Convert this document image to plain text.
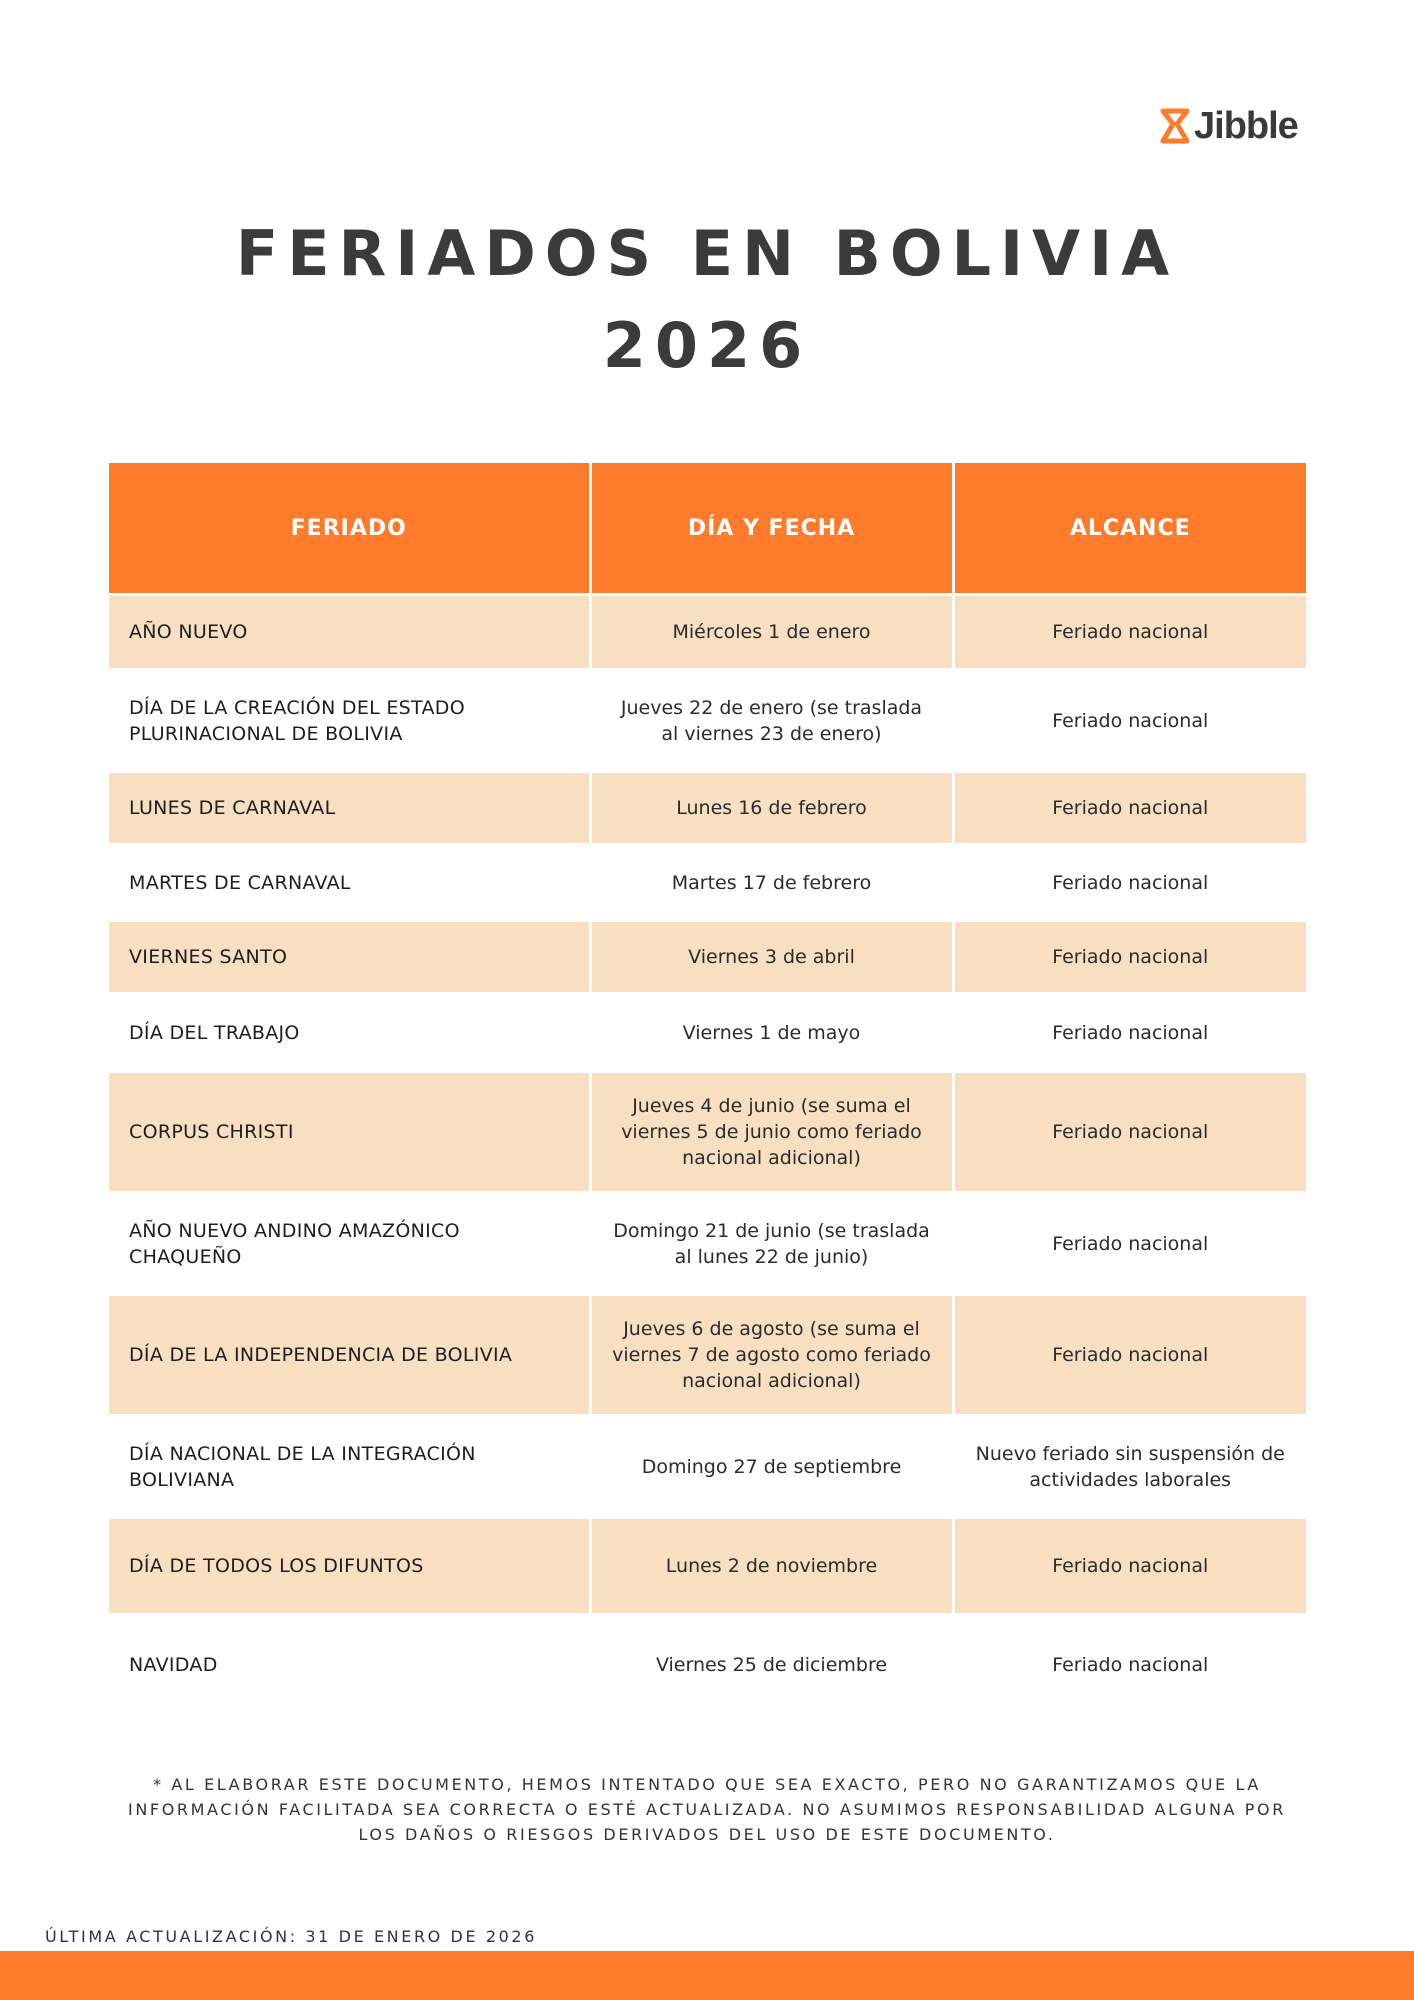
Jibble
FERIADOS EN BOLIVIA
2026
FERIADO	DÍA Y FECHA	ALCANCE
AÑO NUEVO	Miércoles 1 de enero	Feriado nacional
DÍA DE LA CREACIÓN DEL ESTADO PLURINACIONAL DE BOLIVIA	Jueves 22 de enero (se traslada al viernes 23 de enero)	Feriado nacional
LUNES DE CARNAVAL	Lunes 16 de febrero	Feriado nacional
MARTES DE CARNAVAL	Martes 17 de febrero	Feriado nacional
VIERNES SANTO	Viernes 3 de abril	Feriado nacional
DÍA DEL TRABAJO	Viernes 1 de mayo	Feriado nacional
CORPUS CHRISTI	Jueves 4 de junio (se suma el viernes 5 de junio como feriado nacional adicional)	Feriado nacional
AÑO NUEVO ANDINO AMAZÓNICO CHAQUEÑO	Domingo 21 de junio (se traslada al lunes 22 de junio)	Feriado nacional
DÍA DE LA INDEPENDENCIA DE BOLIVIA	Jueves 6 de agosto (se suma el viernes 7 de agosto como feriado nacional adicional)	Feriado nacional
DÍA NACIONAL DE LA INTEGRACIÓN BOLIVIANA	Domingo 27 de septiembre	Nuevo feriado sin suspensión de actividades laborales
DÍA DE TODOS LOS DIFUNTOS	Lunes 2 de noviembre	Feriado nacional
NAVIDAD	Viernes 25 de diciembre	Feriado nacional

* AL ELABORAR ESTE DOCUMENTO, HEMOS INTENTADO QUE SEA EXACTO, PERO NO GARANTIZAMOS QUE LA INFORMACIÓN FACILITADA SEA CORRECTA O ESTÉ ACTUALIZADA. NO ASUMIMOS RESPONSABILIDAD ALGUNA POR LOS DAÑOS O RIESGOS DERIVADOS DEL USO DE ESTE DOCUMENTO.

ÚLTIMA ACTUALIZACIÓN: 31 DE ENERO DE 2026
